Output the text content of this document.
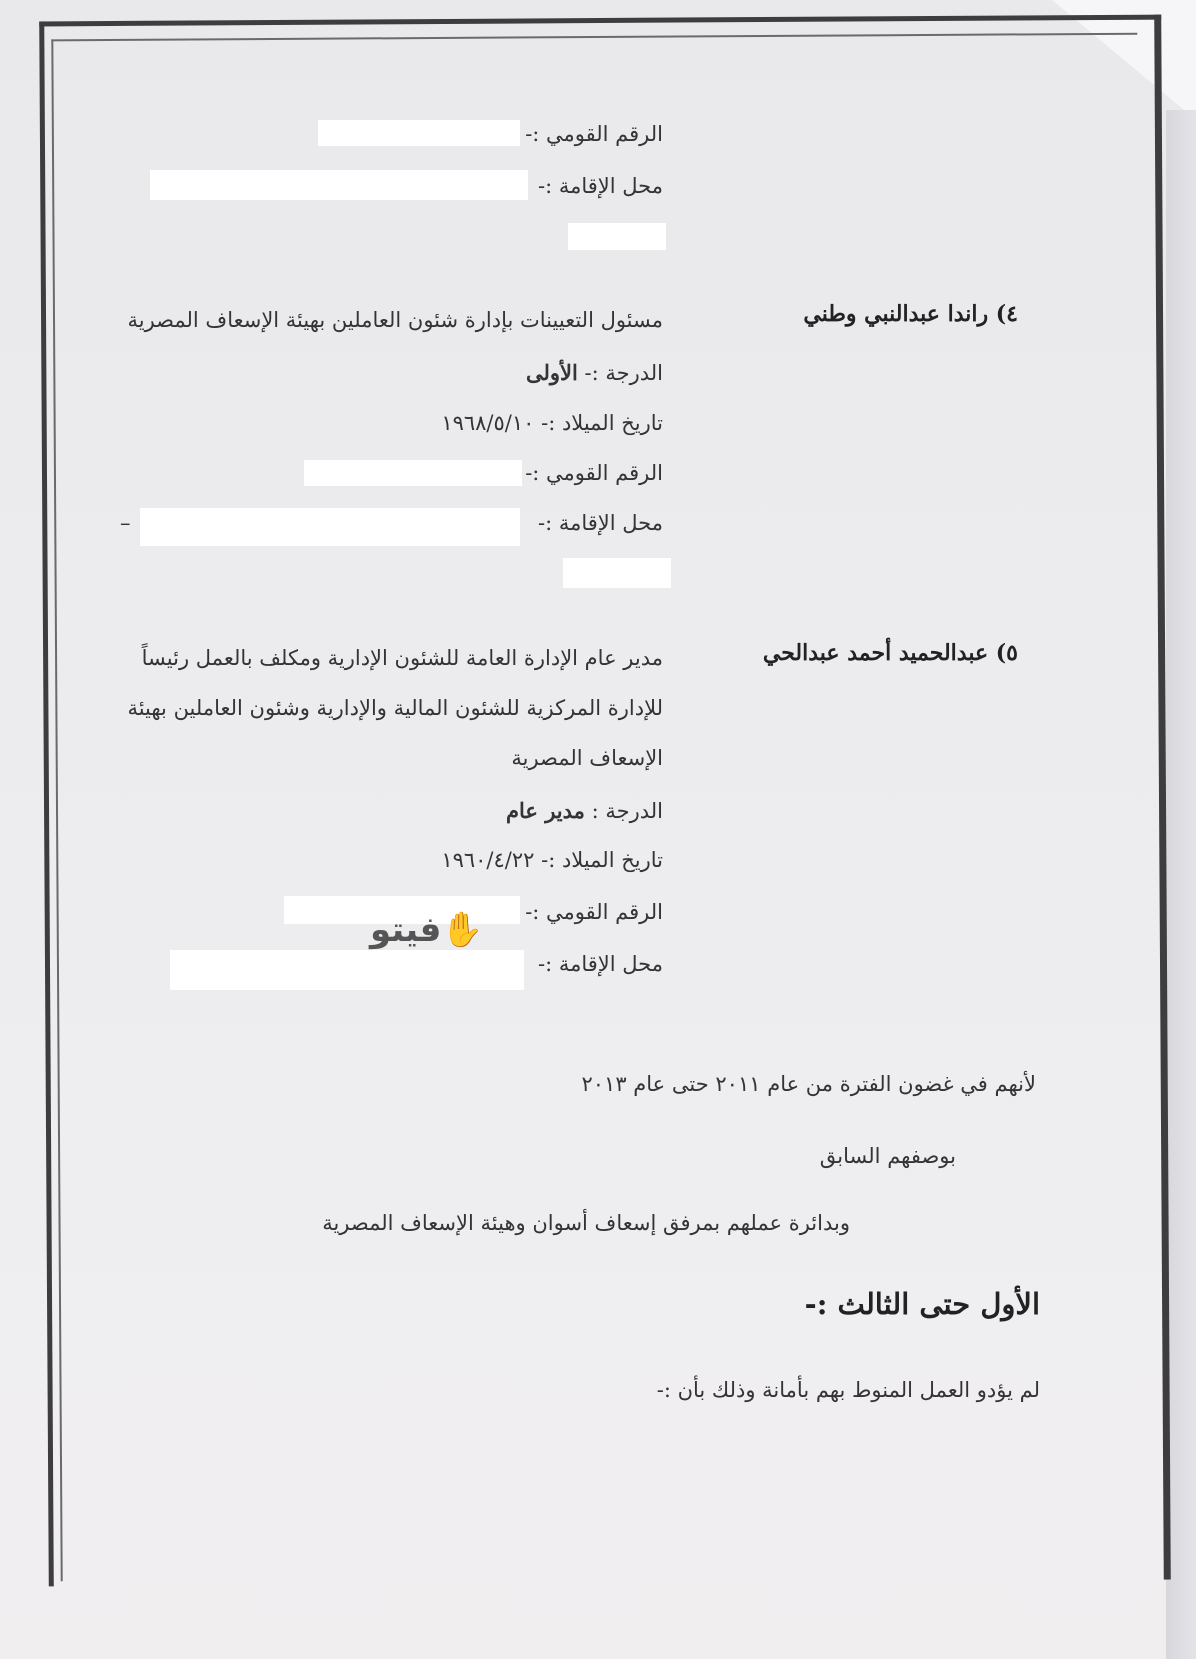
الرقم القومي :-
محل الإقامة :-
٤) راندا عبدالنبي وطني
مسئول التعيينات بإدارة شئون العاملين بهيئة الإسعاف المصرية
الدرجة :- الأولى
تاريخ الميلاد :- ١٩٦٨/٥/١٠
الرقم القومي :-
محل الإقامة :-
–
٥) عبدالحميد أحمد عبدالحي
مدير عام الإدارة العامة للشئون الإدارية ومكلف بالعمل رئيساً
للإدارة المركزية للشئون المالية والإدارية وشئون العاملين بهيئة
الإسعاف المصرية
الدرجة : مدير عام
تاريخ الميلاد :- ١٩٦٠/٤/٢٢
الرقم القومي :-
محل الإقامة :-
✋فيتو
لأنهم في غضون الفترة من عام ٢٠١١ حتى عام ٢٠١٣
بوصفهم السابق
وبدائرة عملهم بمرفق إسعاف أسوان وهيئة الإسعاف المصرية
الأول حتى الثالث :-
لم يؤدو العمل المنوط بهم بأمانة وذلك بأن :-
